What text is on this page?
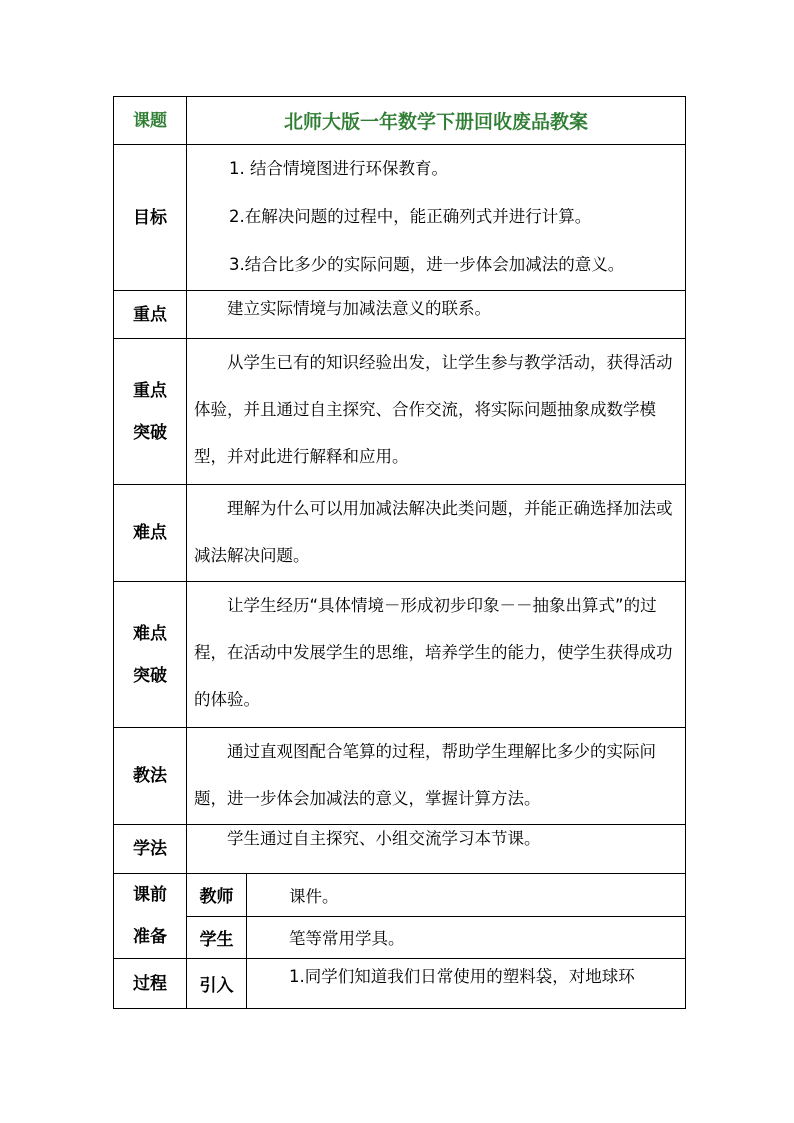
课题	北师大版一年数学下册回收废品教案	
目标	1. 结合情境图进行环保教育。

2.在解决问题的过程中，能正确列式并进行计算。

3.结合比多少的实际问题，进一步体会加减法的意义。	

重点	建立实际情境与加减法意义的联系。	

重点
突破	从学生已有的知识经验出发，让学生参与教学活动，获得活动体验，并且通过自主探究、合作交流，将实际问题抽象成数学模型，并对此进行解释和应用。	
难点	理解为什么可以用加减法解决此类问题，并能正确选择加法或减法解决问题。	

难点
突破	让学生经历“具体情境－形成初步印象－－抽象出算式”的过程，在活动中发展学生的思维，培养学生的能力，使学生获得成功的体验。	
教法	通过直观图配合笔算的过程，帮助学生理解比多少的实际问题，进一步体会加减法的意义，掌握计算方法。	
学法	学生通过自主探究、小组交流学习本节课。	

课前
准备	教师	课件。
	学生	笔等常用学具。
过程	引入	1.同学们知道我们日常使用的塑料袋，对地球环
